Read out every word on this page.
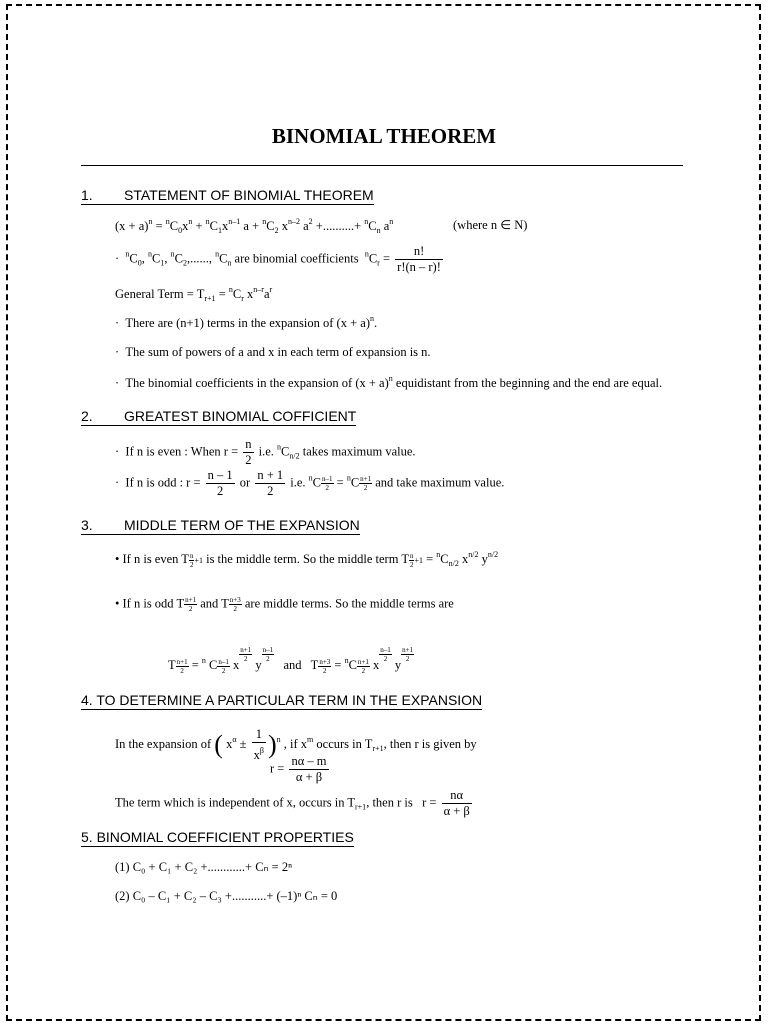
BINOMIAL THEOREM
1. STATEMENT OF BINOMIAL THEOREM
$(x + a)^n = ^nC_0x^n + ^nC_1x^{n-1}$ $a + ^nC_2$ $x^{n-2}$ $a^2$ +..........+ $^nC_n$ $a^n$	(where n ∈ N)
·  $^nC_0$, $^nC_1$, $^nC_2$,......, $^nC_n$ are binomial coefficients $^nC_r = \frac{n!}{r!(n - r)!}$
General Term = $T_{r+1} = ^nC_r$ $x^{n-r}a^r$
·  There are (n+1) terms in the expansion of $(x + a)^n$.
·  The sum of powers of a and x in each term of expansion is n.
·  The binomial coefficients in the expansion of $(x + a)^n$ equidistant from the beginning and the end are equal.
2. GREATEST BINOMIAL COFFICIENT
·  If n is even : When $r = \frac{n}{2} i.e$. $^nC_{n/2}$ takes maximum value.
·  If n is odd : $r = \frac{n - 1}{2}$ or $\frac{n + 1}{2} i.e$. $^nC \frac{n-1}{2} = ^nC \frac{n+1}{2}$ and take maximum value.
3. MIDDLE TERM OF THE EXPANSION
• If n is even T $\frac{n}{2} +1$ is the middle term. So the middle term T $\frac{n}{2} +1 = ^nC_{n/2}$ $x^{n/2}$ $y^{n/2}$
• If n is odd T $\frac{n+1}{2}$ and T $\frac{n+3}{2}$ are middle terms. So the middle terms are
T $\frac{n+1}{2} = ^n$ C $\frac{n-1}{2}$ x
$\frac{n+1}{2}$
y
$\frac{n-1}{2}$
and   T $\frac{n+3}{2} = ^nC \frac{n+1}{2}$ x
$\frac{n-1}{2}$
y
$\frac{n+1}{2}$
4. TO DETERMINE A PARTICULAR TERM IN THE EXPANSION
In the expansion of ( $x^\alpha \pm \frac{1}{x^\beta} )^n$ , if $x^m$ occurs in $T_{r+1}$, then r is given by
$r = \frac{n\alpha - m}{\alpha + \beta}$
The term which is independent of x, occurs in $T_{r+1}$, then r is   $r = \frac{n\alpha}{\alpha + \beta}$
5. BINOMIAL COEFFICIENT PROPERTIES
(1) C₀ + C₁ + C₂ +............+ Cₙ = 2ⁿ
(2) C₀ – C₁ + C₂ – C₃ +...........+ (–1)ⁿ Cₙ = 0
